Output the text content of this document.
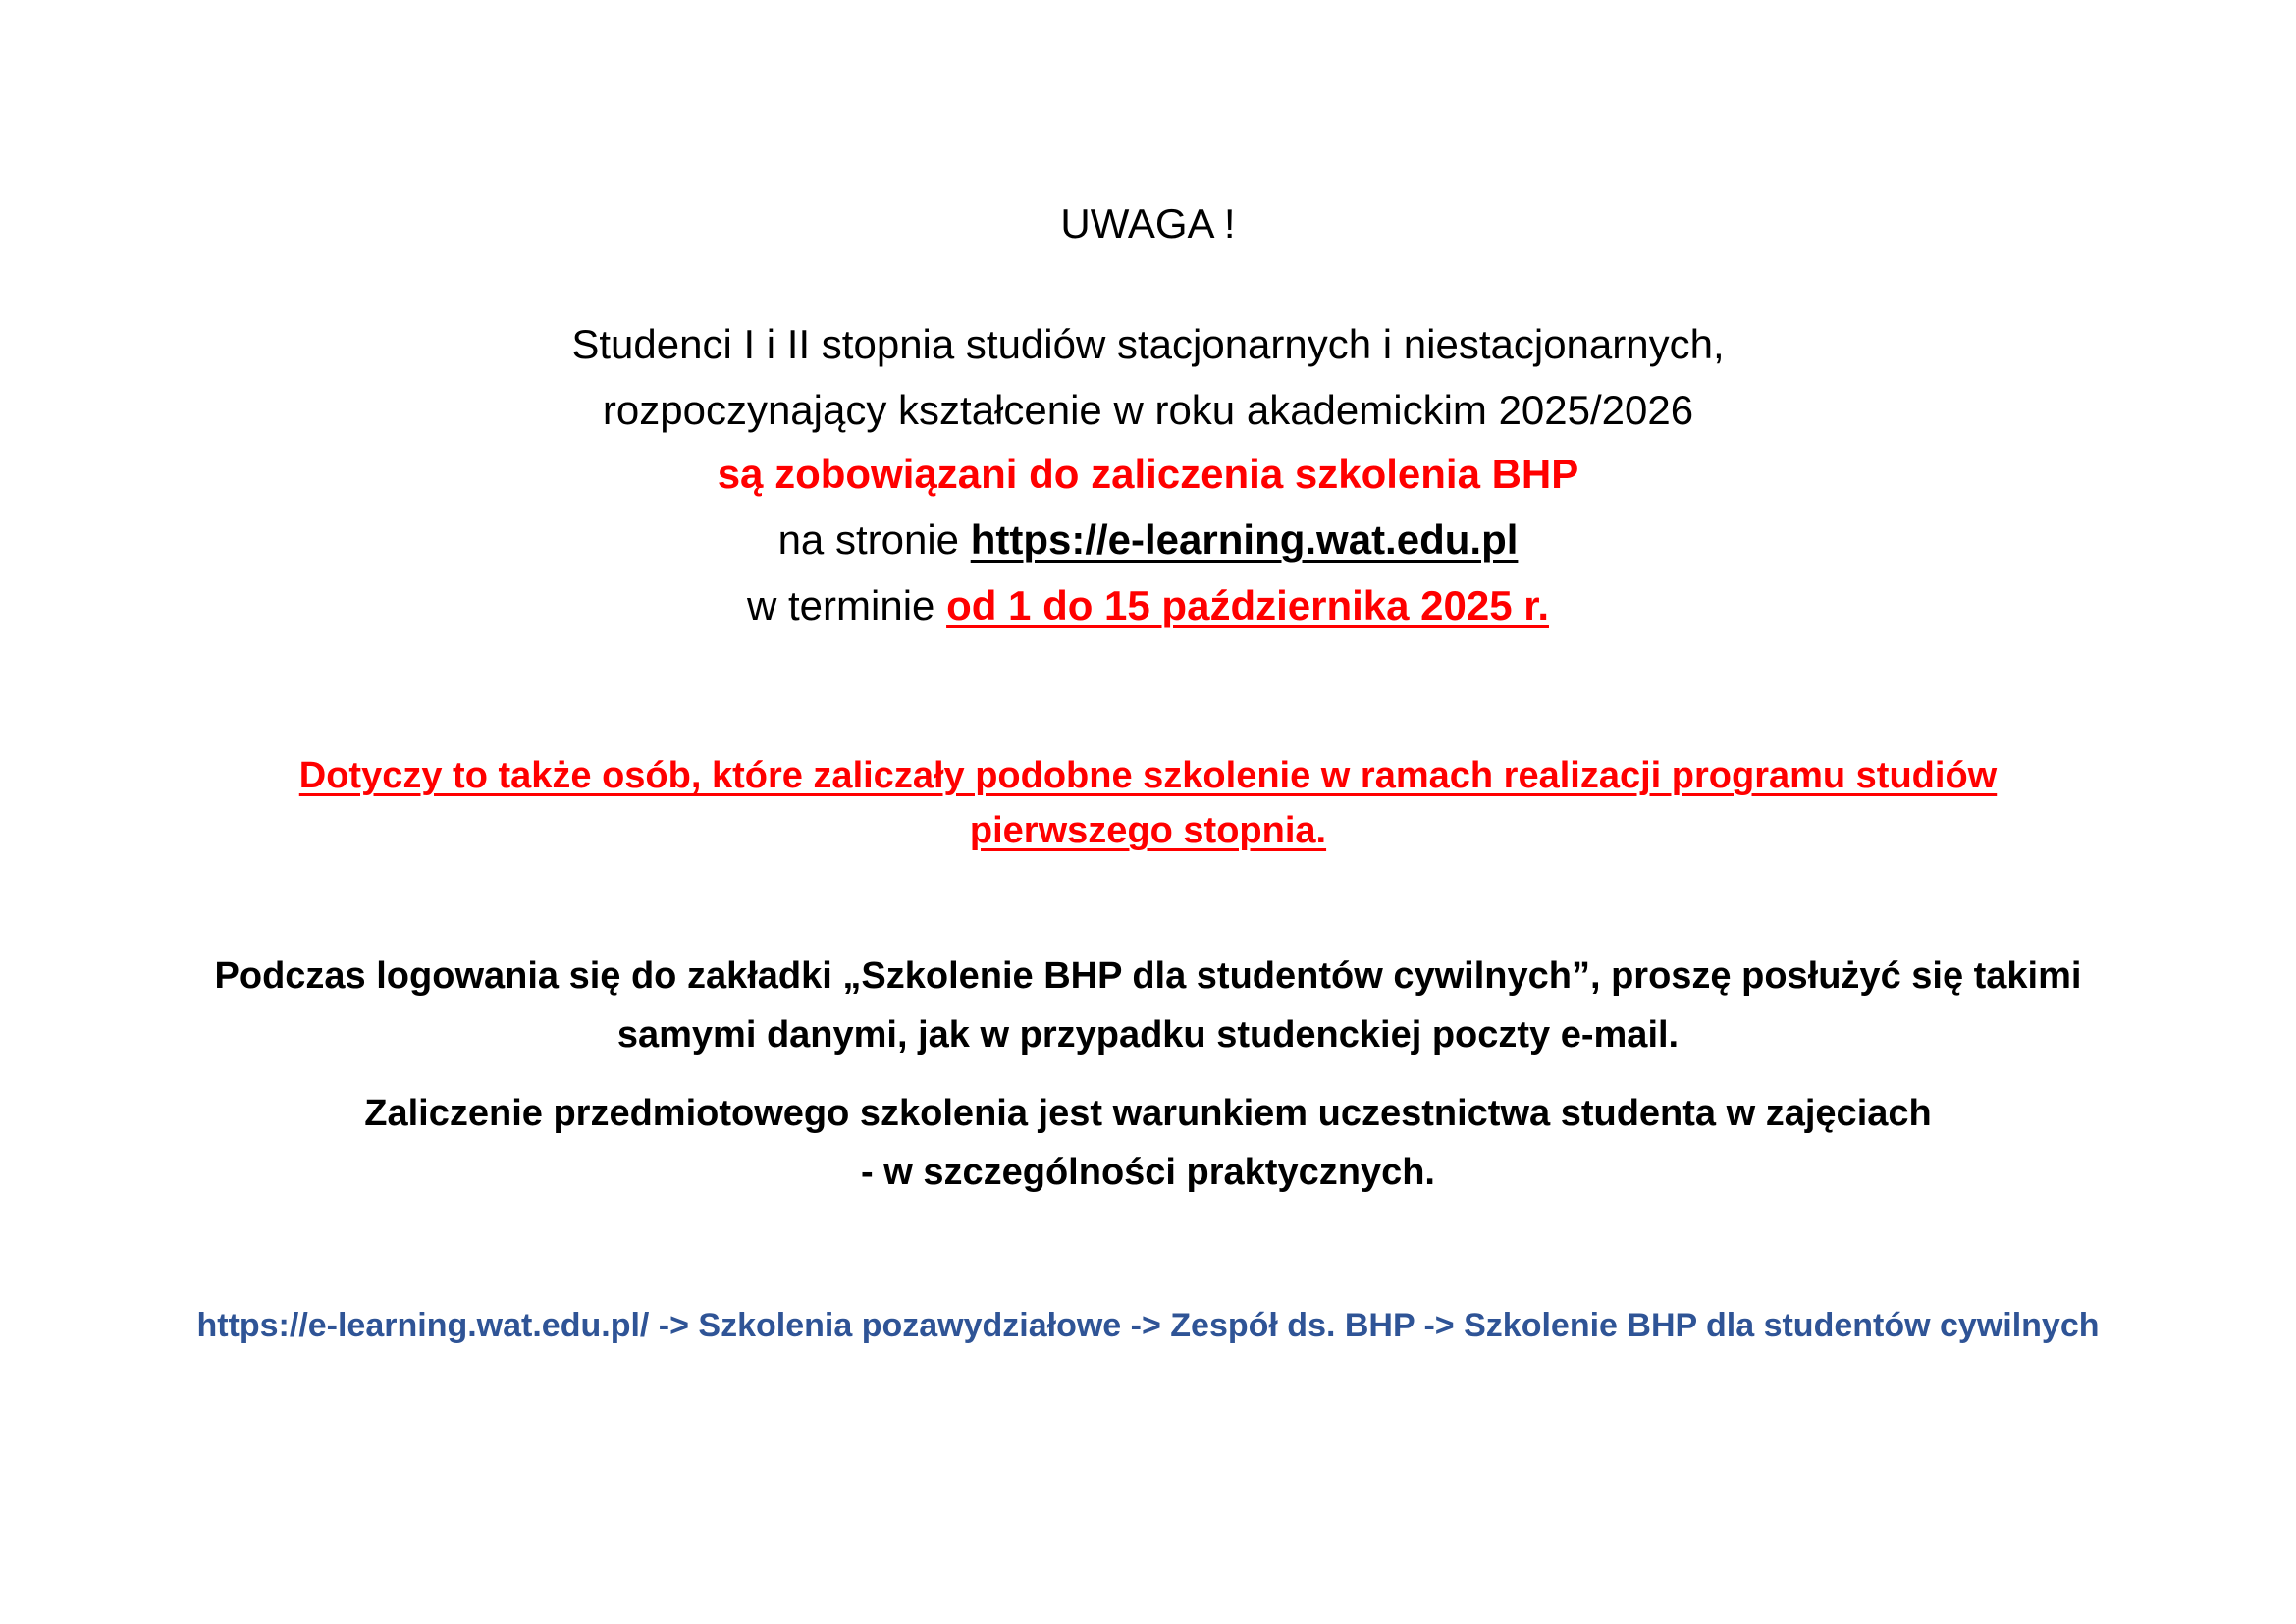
UWAGA !
Studenci I i II stopnia studiów stacjonarnych i niestacjonarnych,
rozpoczynający kształcenie w roku akademickim 2025/2026
są zobowiązani do zaliczenia szkolenia BHP
na stronie https://e-learning.wat.edu.pl
w terminie od 1 do 15 października 2025 r.
Dotyczy to także osób, które zaliczały podobne szkolenie w ramach realizacji programu studiów
pierwszego stopnia.
Podczas logowania się do zakładki „Szkolenie BHP dla studentów cywilnych”, proszę posłużyć się takimi
samymi danymi, jak w przypadku studenckiej poczty e-mail.
Zaliczenie przedmiotowego szkolenia jest warunkiem uczestnictwa studenta w zajęciach
- w szczególności praktycznych.
https://e-learning.wat.edu.pl/ -> Szkolenia pozawydziałowe -> Zespół ds. BHP -> Szkolenie BHP dla studentów cywilnych
